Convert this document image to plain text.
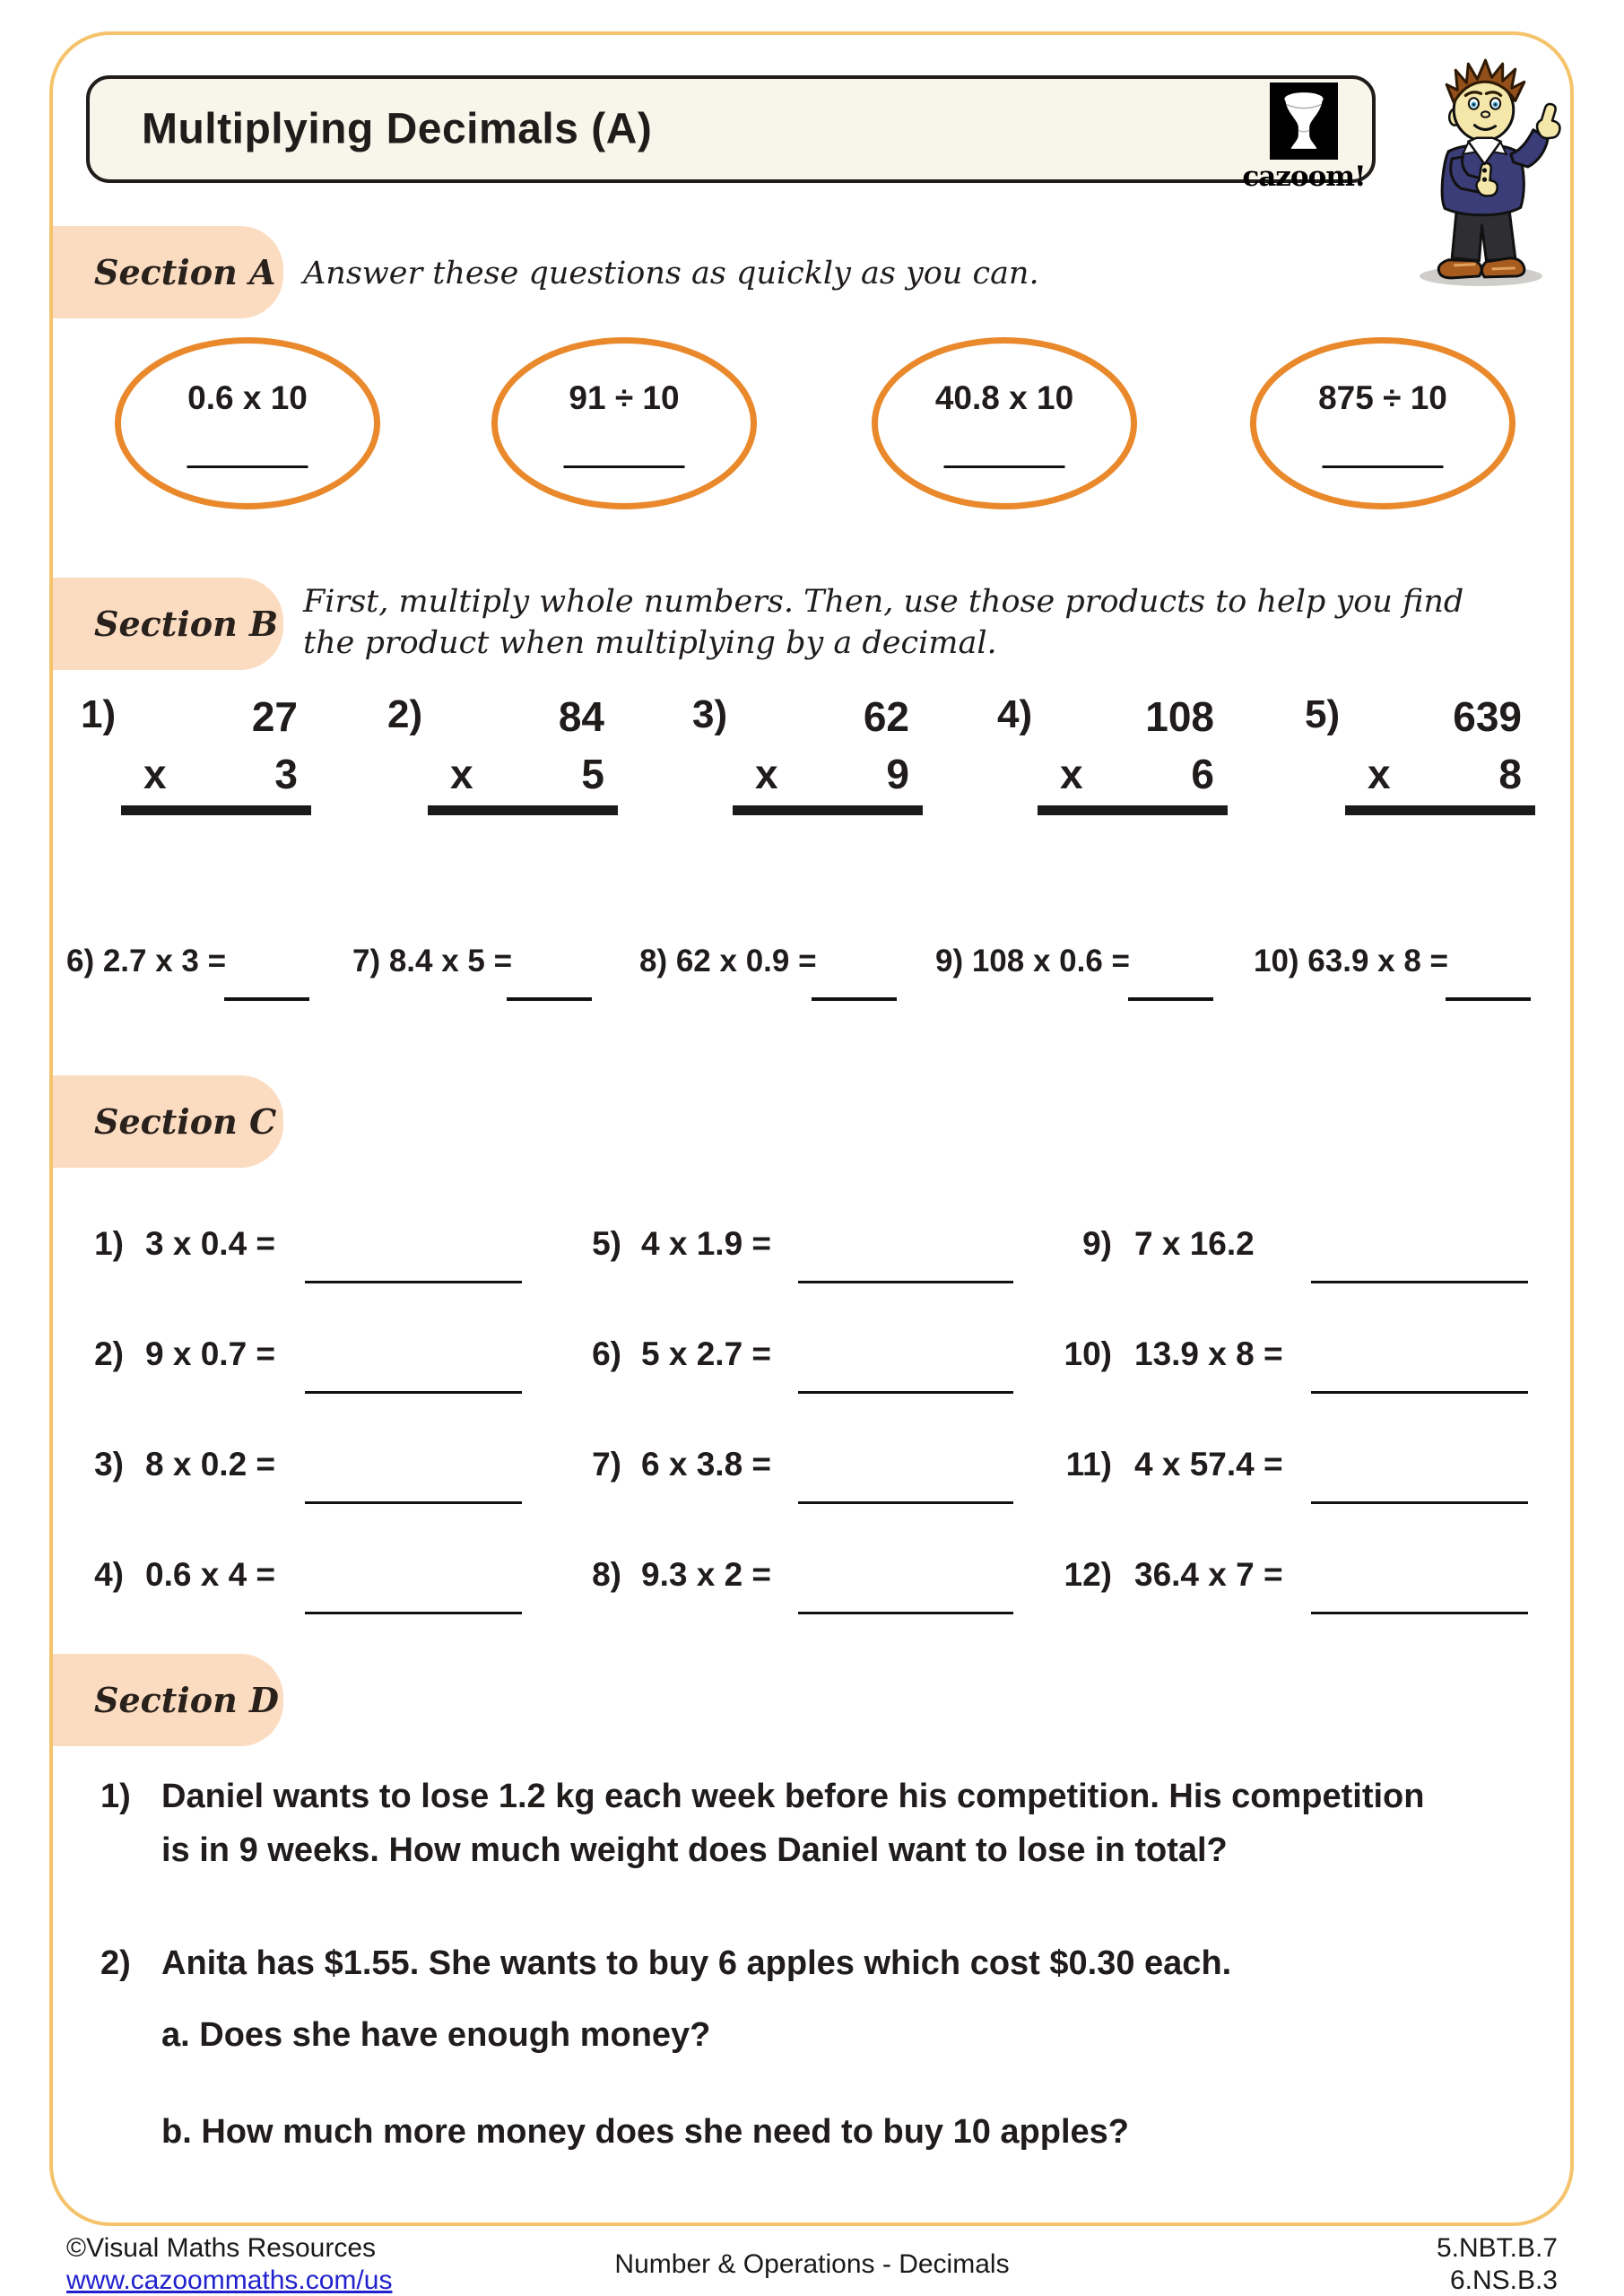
Multiplying Decimals (A)
cazoom!
Section A Answer these questions as quickly as you can.
0.6 x 10	91 ÷ 10	40.8 x 10	875 ÷ 10
Section B
First, multiply whole numbers. Then, use those products to help you find
the product when multiplying by a decimal.
1)	27
x	3
2)	84
x	5
3)	62
x	9
4)	108
x	6
5)	639
x	8
6) 2.7 x 3 =	7) 8.4 x 5 =	8) 62 x 0.9 =	9) 108 x 0.6 =	10) 63.9 x 8 =
Section C
1) 3 x 0.4 =
2) 9 x 0.7 =
3) 8 x 0.2 =
4) 0.6 x 4 =
5) 4 x 1.9 =
6) 5 x 2.7 =
7) 6 x 3.8 =
8) 9.3 x 2 =
9) 7 x 16.2
10) 13.9 x 8 =
11) 4 x 57.4 =
12) 36.4 x 7 =
Section D
1) Daniel wants to lose 1.2 kg each week before his competition. His competition
is in 9 weeks. How much weight does Daniel want to lose in total?
2) Anita has $1.55. She wants to buy 6 apples which cost $0.30 each.
a. Does she have enough money?
b. How much more money does she need to buy 10 apples?
©Visual Maths Resources
www.cazoommaths.com/us
Number & Operations - Decimals
5.NBT.B.7
6.NS.B.3
